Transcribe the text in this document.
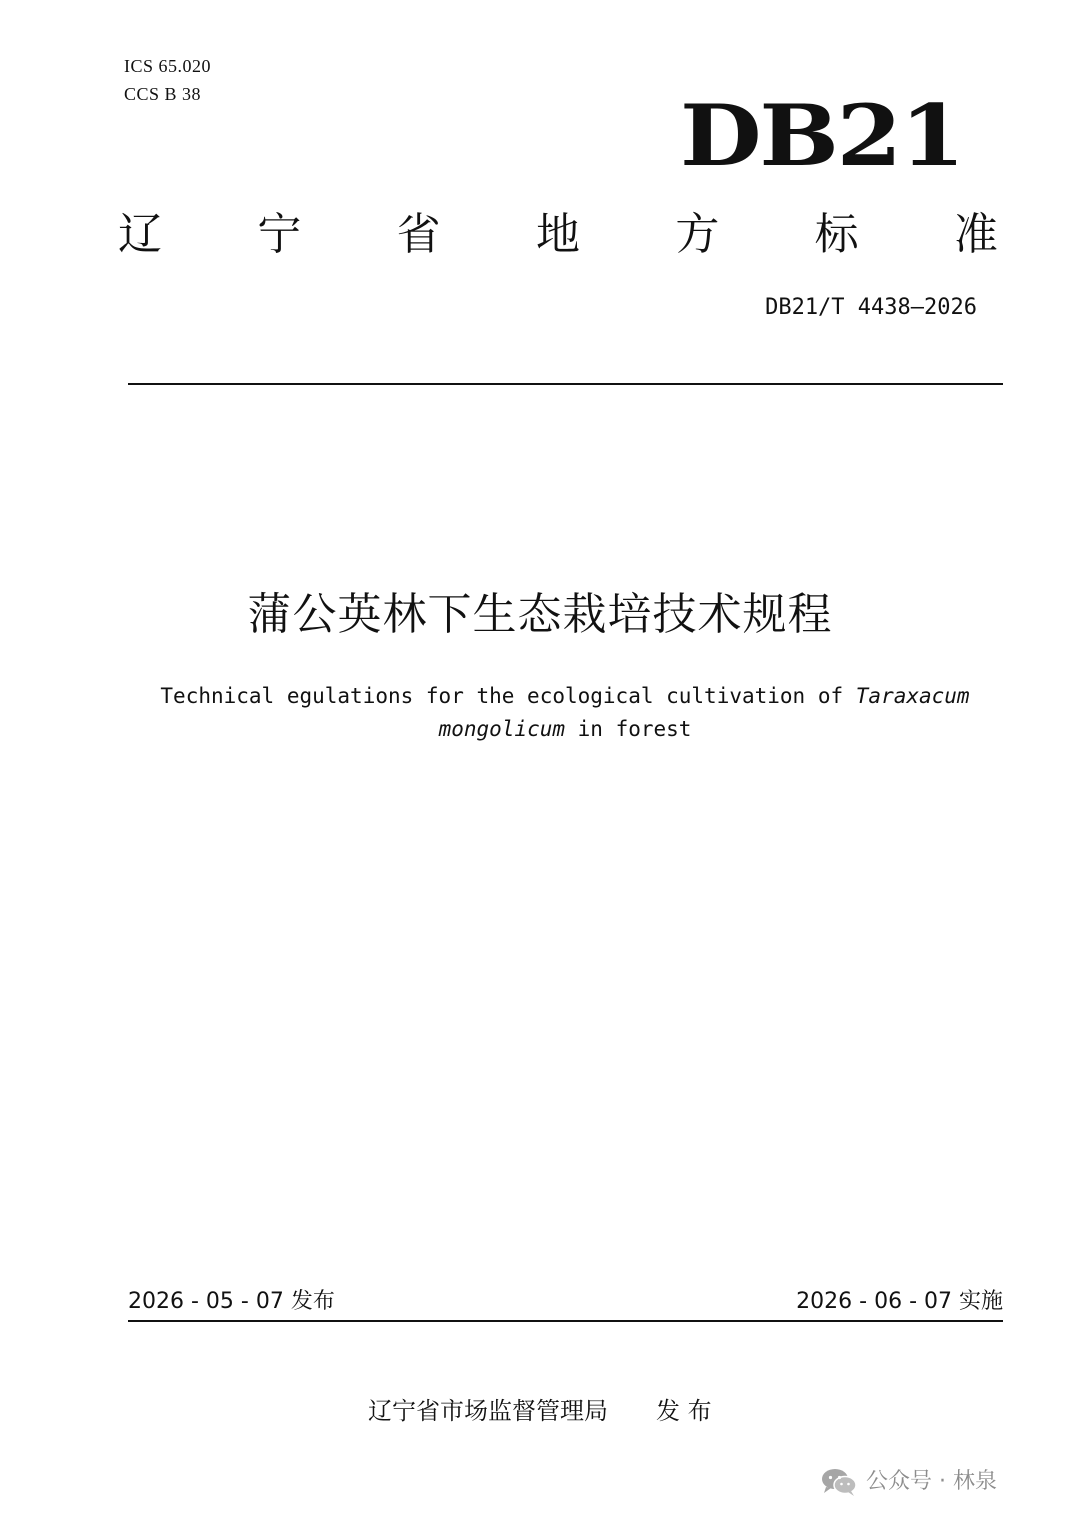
ICS 65.020
CCS B 38	DB21
辽 宁 省 地 方 标 准
DB21/T 4438—2026
蒲公英林下生态栽培技术规程
Technical egulations for the ecological cultivation of Taraxacum
mongolicum in forest
2026 - 05 - 07 发布	2026 - 06 - 07 实施
辽宁省市场监督管理局 发 布
公众号 · 林泉
